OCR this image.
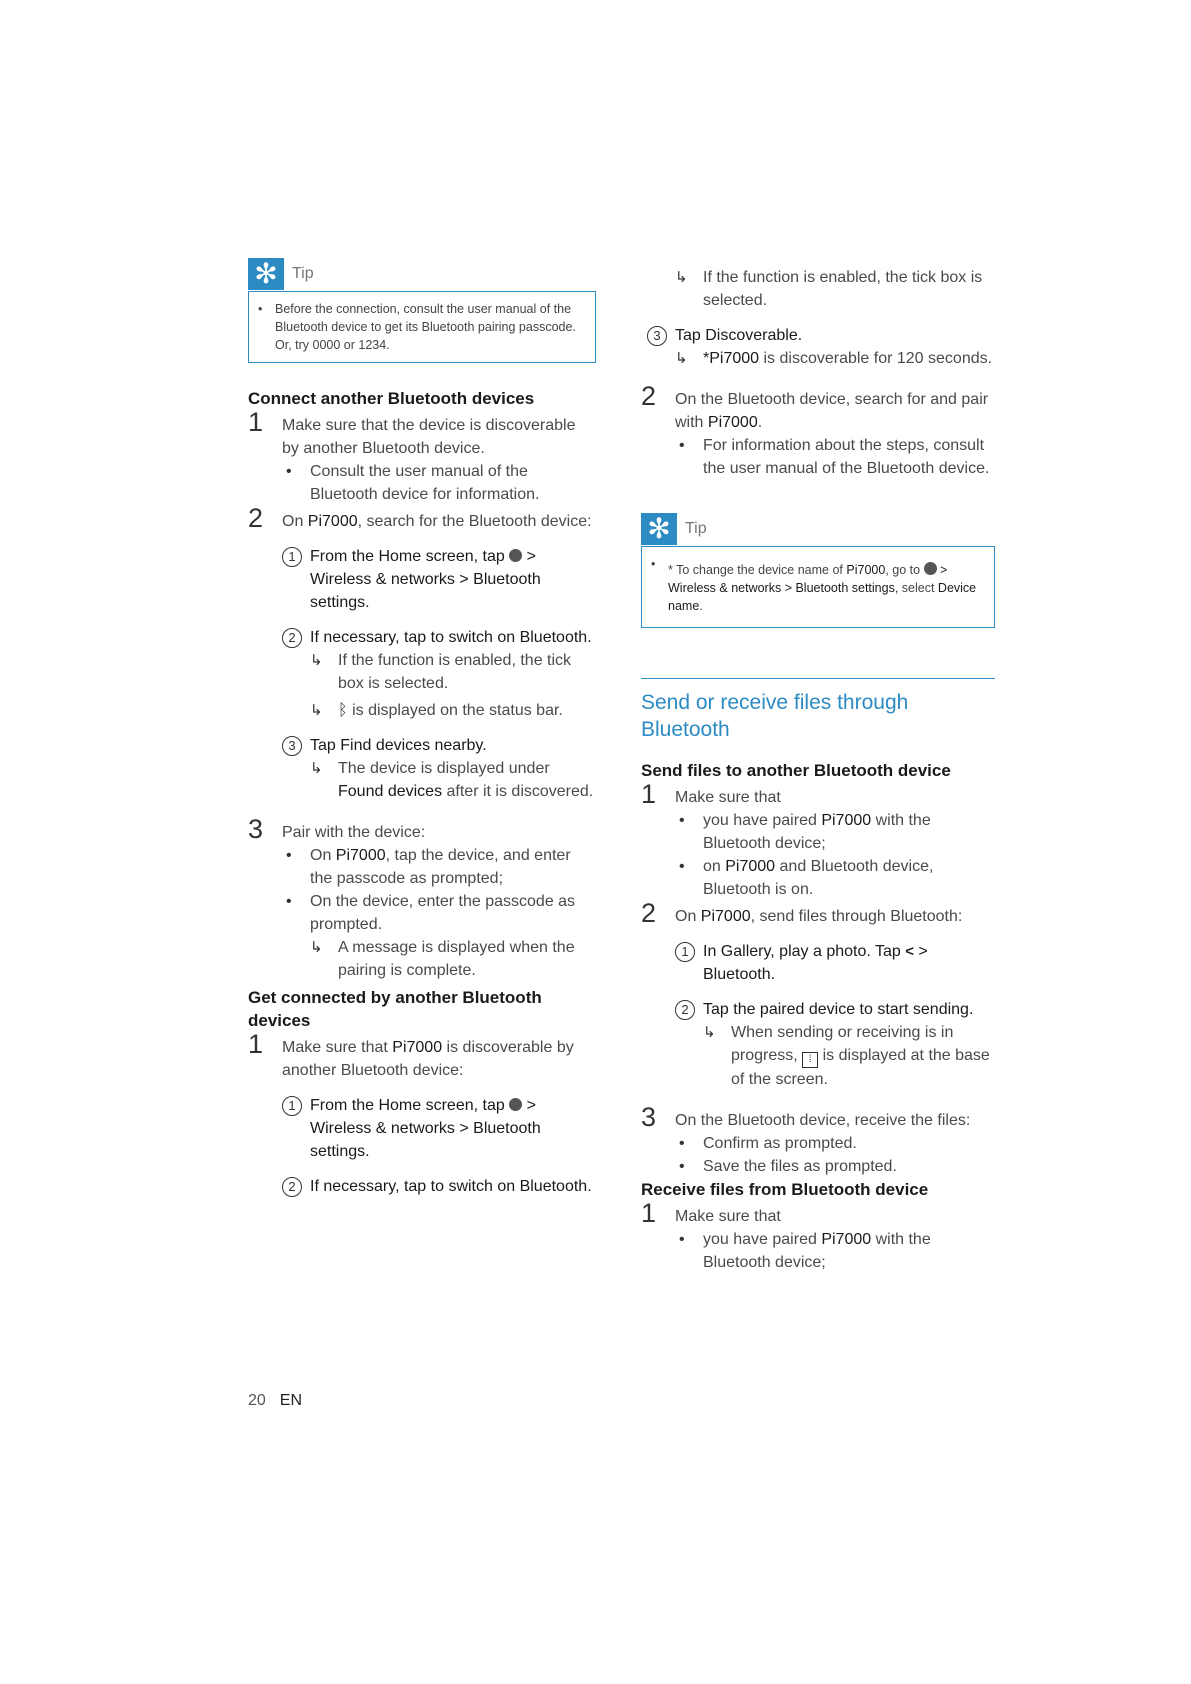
✻ Tip
• Before the connection, consult the user manual of the Bluetooth device to get its Bluetooth pairing passcode. Or, try 0000 or 1234.
Connect another Bluetooth devices
1 Make sure that the device is discoverable by another Bluetooth device.
• Consult the user manual of the Bluetooth device for information.
2 On Pi7000, search for the Bluetooth device:
1 From the Home screen, tap > Wireless & networks > Bluetooth settings.
2 If necessary, tap to switch on Bluetooth.
↳ If the function is enabled, the tick box is selected.
↳ ᛒ is displayed on the status bar.
3 Tap Find devices nearby.
↳ The device is displayed under Found devices after it is discovered.
3 Pair with the device:
• On Pi7000, tap the device, and enter the passcode as prompted;
• On the device, enter the passcode as prompted.
↳ A message is displayed when the pairing is complete.
Get connected by another Bluetooth devices
1 Make sure that Pi7000 is discoverable by another Bluetooth device:
1 From the Home screen, tap > Wireless & networks > Bluetooth settings.
2 If necessary, tap to switch on Bluetooth.
↳ If the function is enabled, the tick box is selected.
3 Tap Discoverable.
↳ *Pi7000 is discoverable for 120 seconds.
2 On the Bluetooth device, search for and pair with Pi7000.
• For information about the steps, consult the user manual of the Bluetooth device.
✻ Tip
• * To change the device name of Pi7000, go to > Wireless & networks > Bluetooth settings, select Device name.
Send or receive files through Bluetooth
Send files to another Bluetooth device
1 Make sure that
• you have paired Pi7000 with the Bluetooth device;
• on Pi7000 and Bluetooth device, Bluetooth is on.
2 On Pi7000, send files through Bluetooth:
1 In Gallery, play a photo. Tap < > Bluetooth.
2 Tap the paired device to start sending.
↳ When sending or receiving is in progress, ⁞ is displayed at the base of the screen.
3 On the Bluetooth device, receive the files:
• Confirm as prompted.
• Save the files as prompted.
Receive files from Bluetooth device
1 Make sure that
• you have paired Pi7000 with the Bluetooth device;
20 EN
